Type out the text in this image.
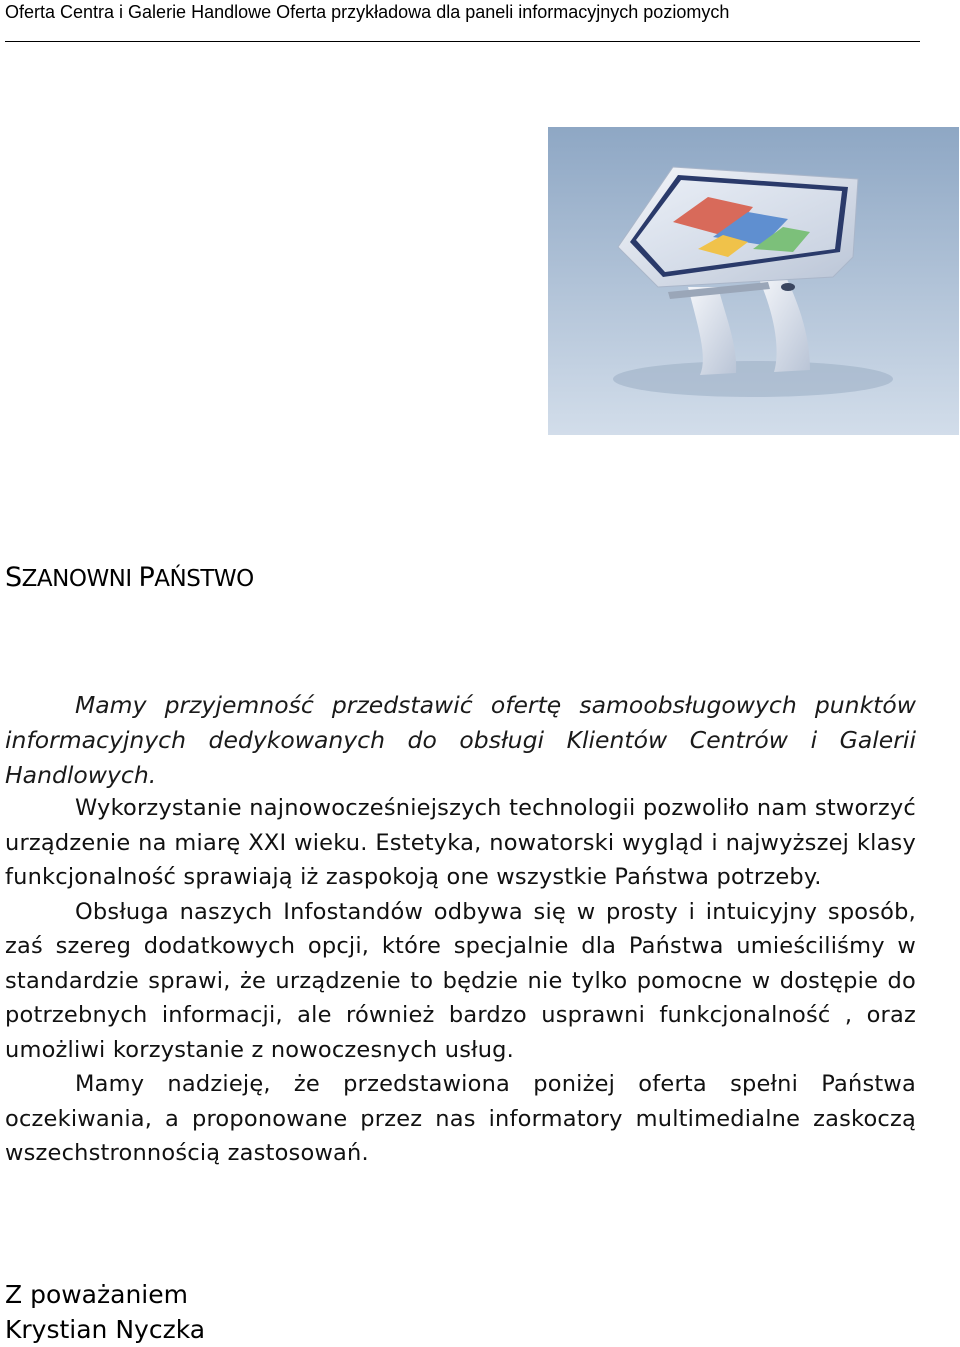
Oferta Centra i Galerie Handlowe Oferta przykładowa dla paneli informacyjnych poziomych
SZANOWNI PAŃSTWO

Mamy przyjemność przedstawić ofertę samoobsługowych punktów informacyjnych dedykowanych do obsługi Klientów Centrów i Galerii Handlowych.

Wykorzystanie najnowocześniejszych technologii pozwoliło nam stworzyć urządzenie na miarę XXI wieku. Estetyka, nowatorski wygląd i najwyższej klasy funkcjonalność sprawiają iż zaspokoją one wszystkie Państwa potrzeby.

Obsługa naszych Infostandów odbywa się w prosty i intuicyjny sposób, zaś szereg dodatkowych opcji, które specjalnie dla Państwa umieściliśmy w standardzie sprawi, że urządzenie to będzie nie tylko pomocne w dostępie do potrzebnych informacji, ale również bardzo usprawni funkcjonalność , oraz umożliwi korzystanie z nowoczesnych usług.

Mamy nadzieję, że przedstawiona poniżej oferta spełni Państwa oczekiwania, a proponowane przez nas informatory multimedialne zaskoczą wszechstronnością zastosowań.

Z poważaniem
Krystian Nyczka
